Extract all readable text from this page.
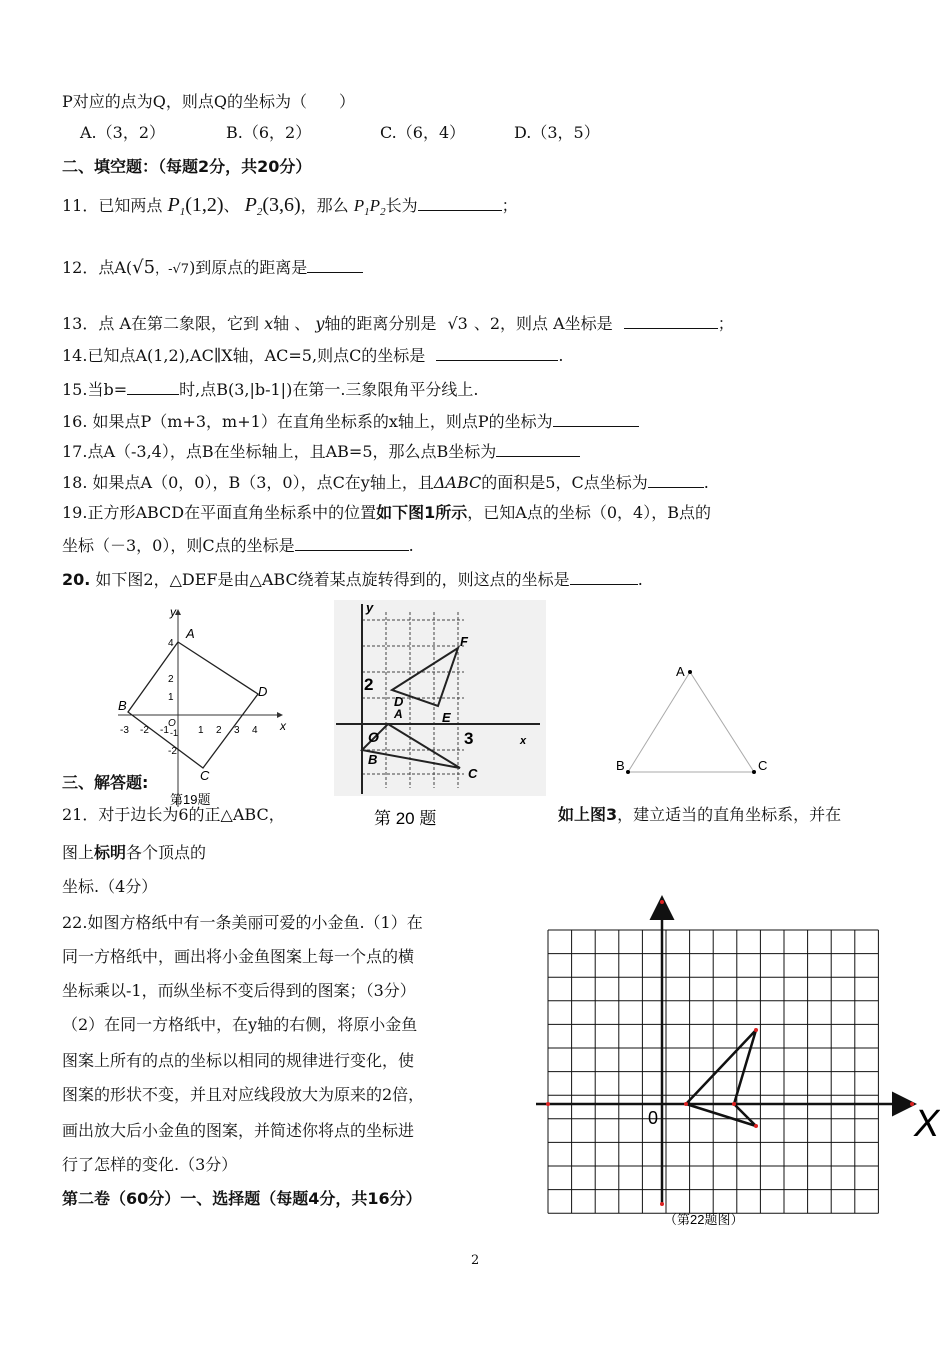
P对应的点为Q，则点Q的坐标为（　　）
A.（3，2）	B.（6，2）	C.（6，4）	D.（3，5）
二、填空题：（每题2分，共20分）
11．已知两点 $P_1(1,2)$、 $P_2(3,6)$，那么 $P_1P_2$长为	；
12．点A(√5，-√7)到原点的距离是
13．点 A在第二象限，它到 x轴 、 y轴的距离分别是 √3 、2，则点 A坐标是	；
14.已知点A(1,2),AC∥X轴，AC=5,则点C的坐标是	.
15.当b=	时,点B(3,|b-1|)在第一.三象限角平分线上.
16. 如果点P（m+3，m+1）在直角坐标系的x轴上，则点P的坐标为
17.点A（-3,4），点B在坐标轴上，且AB=5，那么点B坐标为
18. 如果点A（0，0），B（3，0），点C在y轴上，且ΔABC的面积是5，C点坐标为	.
19.正方形ABCD在平面直角坐标系中的位置如下图1所示，已知A点的坐标（0，4），B点的
坐标（－3，0），则C点的坐标是	.
20. 如下图2，△DEF是由△ABC绕着某点旋转得到的，则这点的坐标是	.
y
x
A
B
C
D
O
-3 -2 -1	1 2 3 4
4
2
1
-1
-2
第19题
y
x
F
D
A	E
O
B
C
2
3
第 20 题
A
B	C
三、解答题:
21．对于边长为6的正△ABC，	如上图3，建立适当的直角坐标系，并在
图上标明各个顶点的
坐标.（4分）
22.如图方格纸中有一条美丽可爱的小金鱼.（1）在
同一方格纸中，画出将小金鱼图案上每一个点的横
坐标乘以-1，而纵坐标不变后得到的图案；（3分）
（2）在同一方格纸中，在y轴的右侧，将原小金鱼
图案上所有的点的坐标以相同的规律进行变化，使
图案的形状不变，并且对应线段放大为原来的2倍，
画出放大后小金鱼的图案，并简述你将点的坐标进
行了怎样的变化.（3分）
第二卷（60分）一、选择题（每题4分，共16分）
0	X
（第22题图）
2
